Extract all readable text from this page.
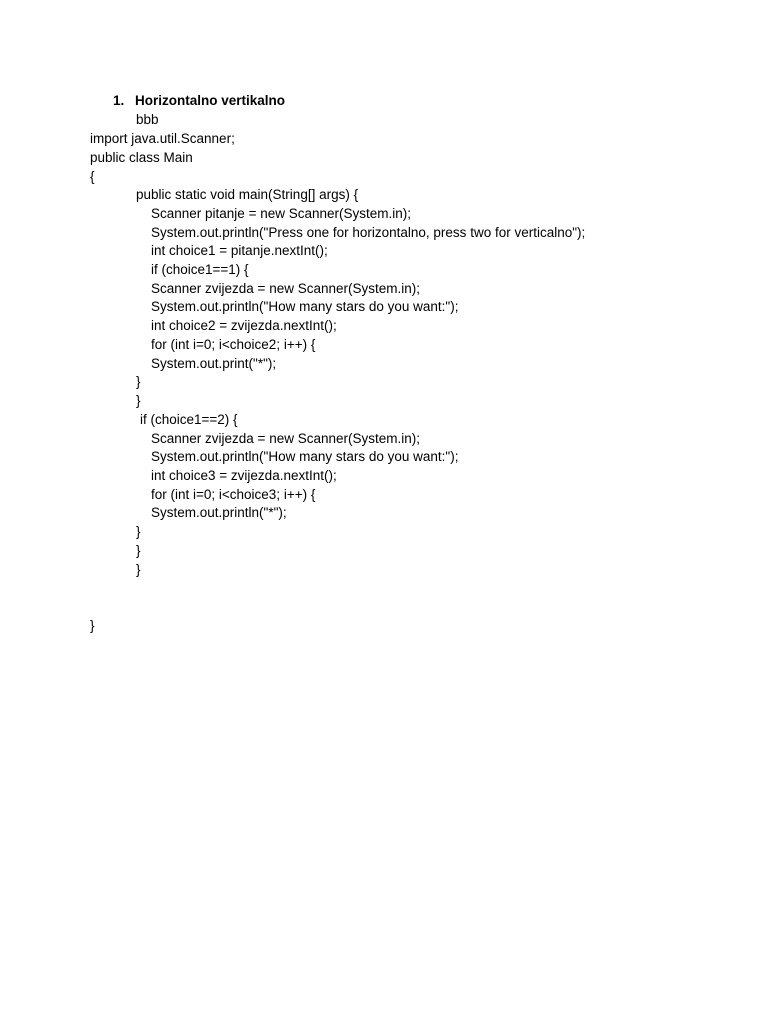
1. Horizontalno vertikalno
bbb
import java.util.Scanner;
public class Main
{
public static void main(String[] args) {
Scanner pitanje = new Scanner(System.in);
System.out.println("Press one for horizontalno, press two for verticalno");
int choice1 = pitanje.nextInt();
if (choice1==1) {
Scanner zvijezda = new Scanner(System.in);
System.out.println("How many stars do you want:");
int choice2 = zvijezda.nextInt();
for (int i=0; i<choice2; i++) {
System.out.print("*");
}
}
if (choice1==2) {
Scanner zvijezda = new Scanner(System.in);
System.out.println("How many stars do you want:");
int choice3 = zvijezda.nextInt();
for (int i=0; i<choice3; i++) {
System.out.println("*");
}
}
}
}
